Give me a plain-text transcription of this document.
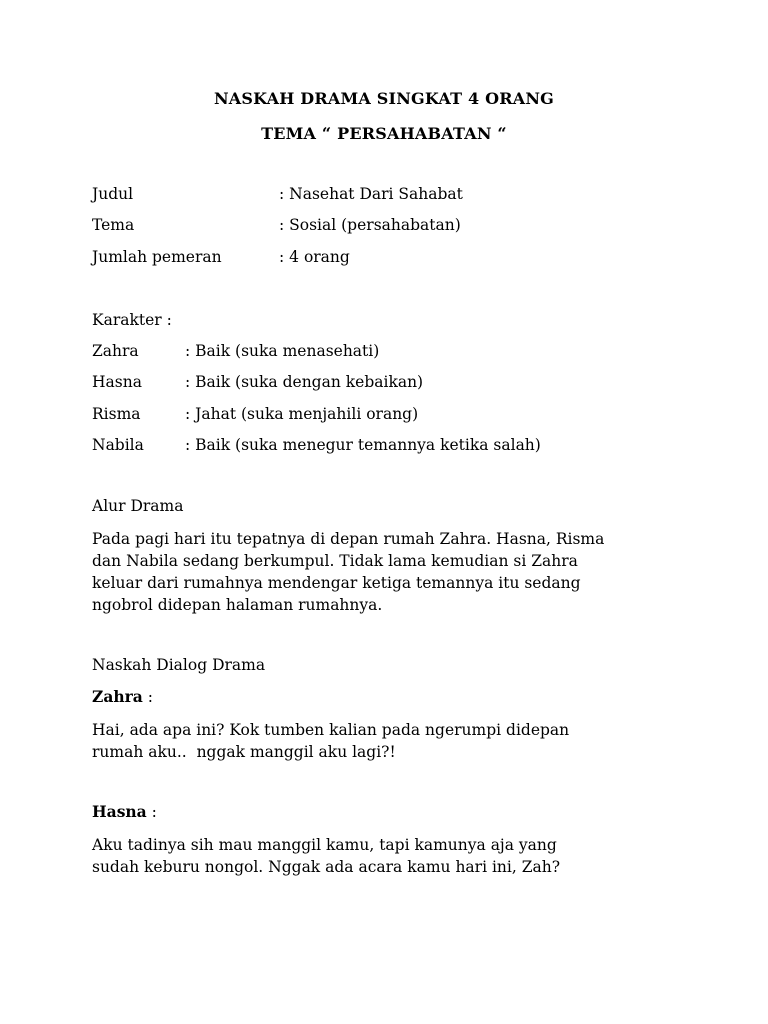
NASKAH DRAMA SINGKAT 4 ORANG
TEMA “ PERSAHABATAN “
Judul	: Nasehat Dari Sahabat
Tema	: Sosial (persahabatan)
Jumlah pemeran	: 4 orang
Karakter :
Zahra	: Baik (suka menasehati)
Hasna	: Baik (suka dengan kebaikan)
Risma	: Jahat (suka menjahili orang)
Nabila	: Baik (suka menegur temannya ketika salah)
Alur Drama
Pada pagi hari itu tepatnya di depan rumah Zahra. Hasna, Risma
dan Nabila sedang berkumpul. Tidak lama kemudian si Zahra
keluar dari rumahnya mendengar ketiga temannya itu sedang
ngobrol didepan halaman rumahnya.
Naskah Dialog Drama
Zahra :
Hai, ada apa ini? Kok tumben kalian pada ngerumpi didepan
rumah aku..  nggak manggil aku lagi?!
Hasna :
Aku tadinya sih mau manggil kamu, tapi kamunya aja yang
sudah keburu nongol. Nggak ada acara kamu hari ini, Zah?
